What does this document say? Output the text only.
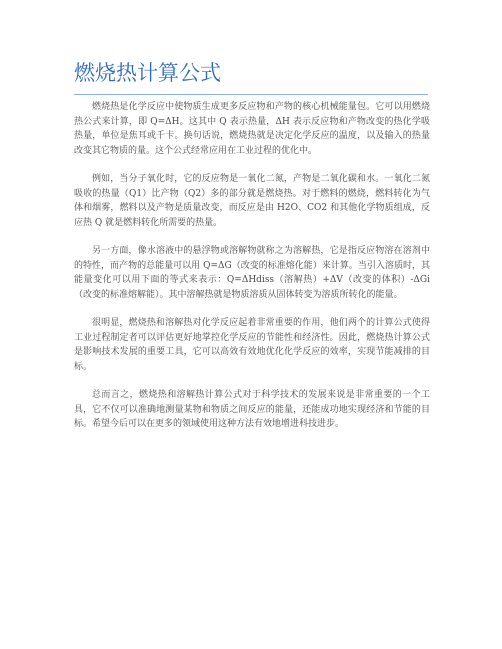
燃烧热计算公式

燃烧热是化学反应中使物质生成更多反应物和产物的核心机械能量包。它可以用燃烧热公式来计算，即 Q=ΔH。这其中 Q 表示热量，ΔH 表示反应物和产物改变的热化学吸热量，单位是焦耳或千卡。换句话说，燃烧热就是决定化学反应的温度，以及输入的热量改变其它物质的量。这个公式经常应用在工业过程的优化中。

例如，当分子氧化时，它的反应物是一氧化二氮，产物是二氧化碳和水。一氧化二氮吸收的热量（Q1）比产物（Q2）多的部分就是燃烧热。对于燃料的燃烧，燃料转化为气体和烟雾，燃料以及产物是质量改变，而反应是由 H2O、CO2 和其他化学物质组成，反应热 Q 就是燃料转化所需要的热量。

另一方面，像水溶液中的悬浮物或溶解物就称之为溶解热，它是指反应物溶在溶剂中的特性，而产物的总能量可以用 Q=ΔG（改变的标准熔化能）来计算。当引入溶质时，其能量变化可以用下面的等式来表示：Q=ΔHdiss（溶解热）+ΔV（改变的体积）-ΔGi（改变的标准熔解能）。其中溶解热就是物质溶质从固体转变为溶质所转化的能量。

很明显，燃烧热和溶解热对化学反应起着非常重要的作用，他们两个的计算公式使得工业过程制定者可以评估更好地掌控化学反应的节能性和经济性。因此，燃烧热计算公式是影响技术发展的重要工具，它可以高效有效地优化化学反应的效率，实现节能减排的目标。

总而言之，燃烧热和溶解热计算公式对于科学技术的发展来说是非常重要的一个工具，它不仅可以准确地测量某物和物质之间反应的能量，还能成功地实现经济和节能的目标。希望今后可以在更多的领域使用这种方法有效地增进科技进步。
